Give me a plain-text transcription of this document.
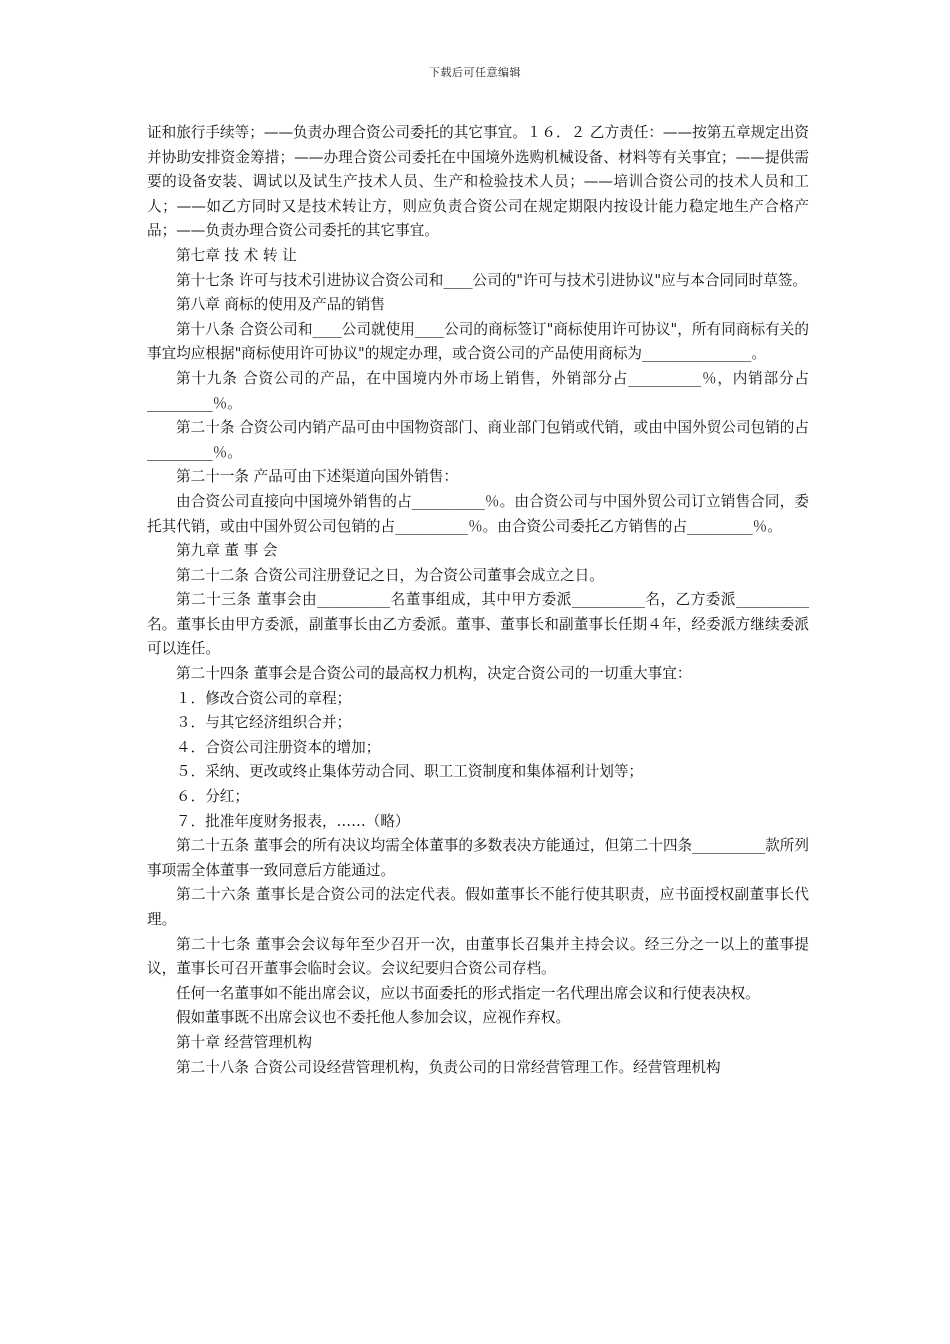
下载后可任意编辑

证和旅行手续等；——负责办理合资公司委托的其它事宜。１６．２ 乙方责任：——按第五章规定出资并协助安排资金筹措；——办理合资公司委托在中国境外选购机械设备、材料等有关事宜；——提供需要的设备安装、调试以及试生产技术人员、生产和检验技术人员；——培训合资公司的技术人员和工人；——如乙方同时又是技术转让方，则应负责合资公司在规定期限内按设计能力稳定地生产合格产品；——负责办理合资公司委托的其它事宜。

第七章 技 术 转 让

第十七条 许可与技术引进协议合资公司和____公司的"许可与技术引进协议"应与本合同同时草签。

第八章 商标的使用及产品的销售

第十八条 合资公司和____公司就使用____公司的商标签订"商标使用许可协议"，所有同商标有关的事宜均应根据"商标使用许可协议"的规定办理，或合资公司的产品使用商标为_______________。

第十九条 合资公司的产品，在中国境内外市场上销售，外销部分占__________％，内销部分占_________％。

第二十条 合资公司内销产品可由中国物资部门、商业部门包销或代销，或由中国外贸公司包销的占_________％。

第二十一条 产品可由下述渠道向国外销售：

由合资公司直接向中国境外销售的占__________％。由合资公司与中国外贸公司订立销售合同，委托其代销，或由中国外贸公司包销的占__________％。由合资公司委托乙方销售的占_________％。

第九章 董 事 会

第二十二条 合资公司注册登记之日，为合资公司董事会成立之日。

第二十三条 董事会由__________名董事组成，其中甲方委派__________名，乙方委派__________名。董事长由甲方委派，副董事长由乙方委派。董事、董事长和副董事长任期４年，经委派方继续委派可以连任。

第二十四条 董事会是合资公司的最高权力机构，决定合资公司的一切重大事宜：

１．修改合资公司的章程；

３．与其它经济组织合并；

４．合资公司注册资本的增加；

５．采纳、更改或终止集体劳动合同、职工工资制度和集体福利计划等；

６．分红；

７．批准年度财务报表，……（略）

第二十五条 董事会的所有决议均需全体董事的多数表决方能通过，但第二十四条__________款所列事项需全体董事一致同意后方能通过。

第二十六条 董事长是合资公司的法定代表。假如董事长不能行使其职责，应书面授权副董事长代理。

第二十七条 董事会会议每年至少召开一次，由董事长召集并主持会议。经三分之一以上的董事提议，董事长可召开董事会临时会议。会议纪要归合资公司存档。

任何一名董事如不能出席会议，应以书面委托的形式指定一名代理出席会议和行使表决权。

假如董事既不出席会议也不委托他人参加会议，应视作弃权。

第十章 经营管理机构

第二十八条 合资公司设经营管理机构，负责公司的日常经营管理工作。经营管理机构
